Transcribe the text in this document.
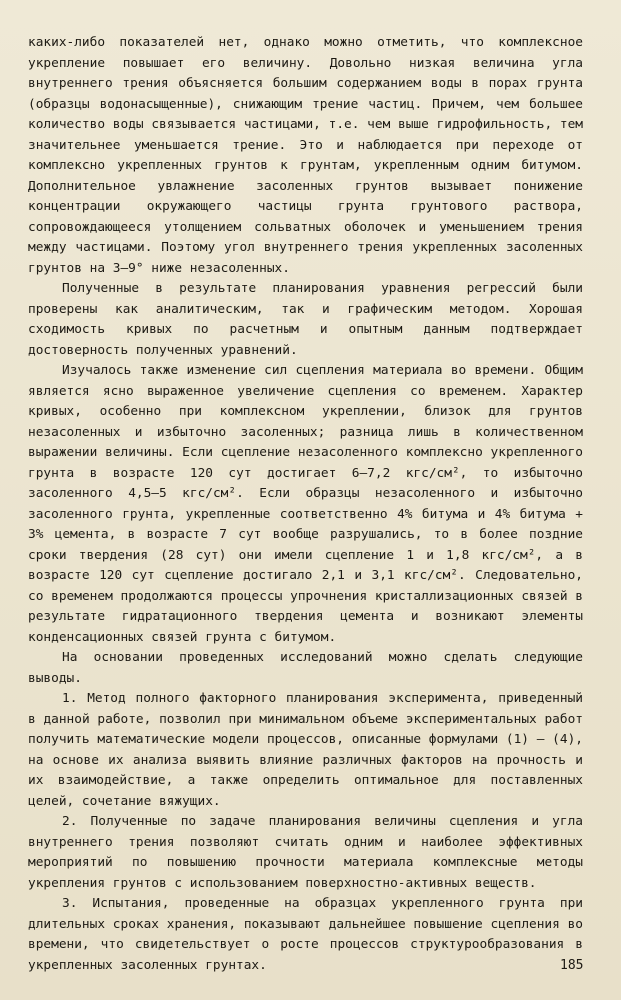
каких-либо показателей нет, однако можно отметить, что комплексное укрепление повышает его величину. Довольно низкая величина угла внутреннего трения объясняется большим содержанием воды в порах грунта (образцы водонасыщенные), снижающим трение частиц. Причем, чем большее количество воды связывается частицами, т.е. чем выше гидрофильность, тем значительнее уменьшается трение. Это и наблюдается при переходе от комплексно укрепленных грунтов к грунтам, укрепленным одним битумом. Дополнительное увлажнение засоленных грунтов вызывает понижение концентрации окружающего частицы грунта грунтового раствора, сопровождающееся утолщением сольватных оболочек и уменьшением трения между частицами. Поэтому угол внутреннего трения укрепленных засоленных грунтов на 3–9° ниже незасоленных.

Полученные в результате планирования уравнения регрессий были проверены как аналитическим, так и графическим методом. Хорошая сходимость кривых по расчетным и опытным данным подтверждает достоверность полученных уравнений.

Изучалось также изменение сил сцепления материала во времени. Общим является ясно выраженное увеличение сцепления со временем. Характер кривых, особенно при комплексном укреплении, близок для грунтов незасоленных и избыточно засоленных; разница лишь в количественном выражении величины. Если сцепление незасоленного комплексно укрепленного грунта в возрасте 120 сут достигает 6–7,2 кгс/см², то избыточно засоленного 4,5–5 кгс/см². Если образцы незасоленного и избыточно засоленного грунта, укрепленные соответственно 4% битума и 4% битума + 3% цемента, в возрасте 7 сут вообще разрушались, то в более поздние сроки твердения (28 сут) они имели сцепление 1 и 1,8 кгс/см², а в возрасте 120 сут сцепление достигало 2,1 и 3,1 кгс/см². Следовательно, со временем продолжаются процессы упрочнения кристаллизационных связей в результате гидратационного твердения цемента и возникают элементы конденсационных связей грунта с битумом.

На основании проведенных исследований можно сделать следующие выводы.

1. Метод полного факторного планирования эксперимента, приведенный в данной работе, позволил при минимальном объеме экспериментальных работ получить математические модели процессов, описанные формулами (1) – (4), на основе их анализа выявить влияние различных факторов на прочность и их взаимодействие, а также определить оптимальное для поставленных целей, сочетание вяжущих.

2. Полученные по задаче планирования величины сцепления и угла внутреннего трения позволяют считать одним и наиболее эффективных мероприятий по повышению прочности материала комплексные методы укрепления грунтов с использованием поверхностно-активных веществ.

3. Испытания, проведенные на образцах укрепленного грунта при длительных сроках хранения, показывают дальнейшее повышение сцепления во времени, что свидетельствует о росте процессов структурообразования в укрепленных засоленных грунтах.	185
